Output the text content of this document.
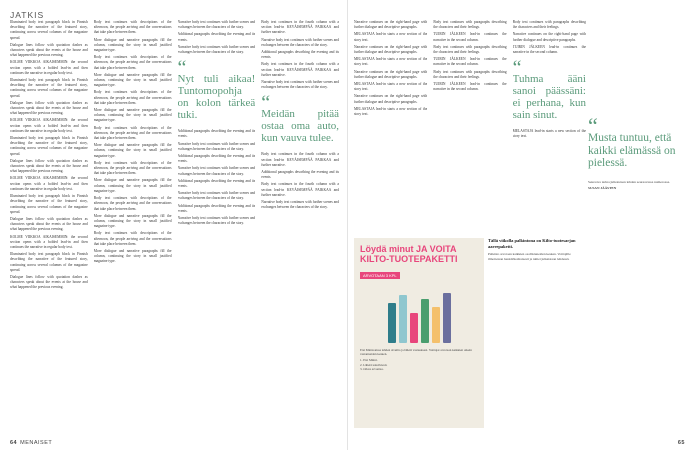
JATKIS

Illuminated body text paragraph block in Finnish describing the narrative of the featured story, continuing across several columns of the magazine spread.

Dialogue lines follow with quotation dashes as characters speak about the events at the house and what happened the previous evening.

KOLME VIIKKOA AIKAISEMMIN: the second section opens with a bolded lead-in and then continues the narrative in regular body text.

Illuminated body text paragraph block in Finnish describing the narrative of the featured story, continuing across several columns of the magazine spread.

Dialogue lines follow with quotation dashes as characters speak about the events at the house and what happened the previous evening.

KOLME VIIKKOA AIKAISEMMIN: the second section opens with a bolded lead-in and then continues the narrative in regular body text.

Illuminated body text paragraph block in Finnish describing the narrative of the featured story, continuing across several columns of the magazine spread.

Dialogue lines follow with quotation dashes as characters speak about the events at the house and what happened the previous evening.

KOLME VIIKKOA AIKAISEMMIN: the second section opens with a bolded lead-in and then continues the narrative in regular body text.

Illuminated body text paragraph block in Finnish describing the narrative of the featured story, continuing across several columns of the magazine spread.

Dialogue lines follow with quotation dashes as characters speak about the events at the house and what happened the previous evening.

KOLME VIIKKOA AIKAISEMMIN: the second section opens with a bolded lead-in and then continues the narrative in regular body text.

Illuminated body text paragraph block in Finnish describing the narrative of the featured story, continuing across several columns of the magazine spread.

Dialogue lines follow with quotation dashes as characters speak about the events at the house and what happened the previous evening.

Body text continues with descriptions of the afternoon, the people arriving and the conversations that take place between them.

More dialogue and narrative paragraphs fill the column, continuing the story in small justified magazine type.

Body text continues with descriptions of the afternoon, the people arriving and the conversations that take place between them.

More dialogue and narrative paragraphs fill the column, continuing the story in small justified magazine type.

Body text continues with descriptions of the afternoon, the people arriving and the conversations that take place between them.

More dialogue and narrative paragraphs fill the column, continuing the story in small justified magazine type.

Body text continues with descriptions of the afternoon, the people arriving and the conversations that take place between them.

More dialogue and narrative paragraphs fill the column, continuing the story in small justified magazine type.

Body text continues with descriptions of the afternoon, the people arriving and the conversations that take place between them.

More dialogue and narrative paragraphs fill the column, continuing the story in small justified magazine type.

Body text continues with descriptions of the afternoon, the people arriving and the conversations that take place between them.

More dialogue and narrative paragraphs fill the column, continuing the story in small justified magazine type.

Body text continues with descriptions of the afternoon, the people arriving and the conversations that take place between them.

More dialogue and narrative paragraphs fill the column, continuing the story in small justified magazine type.

Narrative body text continues with further scenes and exchanges between the characters of the story.

Additional paragraphs describing the evening and its events.

Narrative body text continues with further scenes and exchanges between the characters of the story.

“
Nyt tuli aikaa! Tuntomopohja on kolon tärkeä tuki.

Additional paragraphs describing the evening and its events.

Narrative body text continues with further scenes and exchanges between the characters of the story.

Additional paragraphs describing the evening and its events.

Narrative body text continues with further scenes and exchanges between the characters of the story.

Additional paragraphs describing the evening and its events.

Narrative body text continues with further scenes and exchanges between the characters of the story.

Additional paragraphs describing the evening and its events.

Narrative body text continues with further scenes and exchanges between the characters of the story.

Body text continues in the fourth column with a section lead-in KEVÄISEMPÄÄ PAIKKAA and further narrative.

Narrative body text continues with further scenes and exchanges between the characters of the story.

Additional paragraphs describing the evening and its events.

Body text continues in the fourth column with a section lead-in KEVÄISEMPÄÄ PAIKKAA and further narrative.

Narrative body text continues with further scenes and exchanges between the characters of the story.

“
Meidän pitää ostaa oma auto, kun vauva tulee.

Body text continues in the fourth column with a section lead-in KEVÄISEMPÄÄ PAIKKAA and further narrative.

Additional paragraphs describing the evening and its events.

Body text continues in the fourth column with a section lead-in KEVÄISEMPÄÄ PAIKKAA and further narrative.

Narrative body text continues with further scenes and exchanges between the characters of the story.

64 MENAISET

Narrative continues on the right-hand page with further dialogue and descriptive paragraphs.

MELASTAJA lead-in starts a new section of the story text.

Narrative continues on the right-hand page with further dialogue and descriptive paragraphs.

MELASTAJA lead-in starts a new section of the story text.

Narrative continues on the right-hand page with further dialogue and descriptive paragraphs.

MELASTAJA lead-in starts a new section of the story text.

Narrative continues on the right-hand page with further dialogue and descriptive paragraphs.

MELASTAJA lead-in starts a new section of the story text.

Body text continues with paragraphs describing the characters and their feelings.

TUIRIN JÄLKEEN lead-in continues the narrative in the second column.

Body text continues with paragraphs describing the characters and their feelings.

TUIRIN JÄLKEEN lead-in continues the narrative in the second column.

Body text continues with paragraphs describing the characters and their feelings.

TUIRIN JÄLKEEN lead-in continues the narrative in the second column.

Body text continues with paragraphs describing the characters and their feelings.

Narrative continues on the right-hand page with further dialogue and descriptive paragraphs.

TUIRIN JÄLKEEN lead-in continues the narrative in the second column.

“
Tuhma ääni sanoi päässäni: ei perhana, kun sain sinut.

MELASTAJA lead-in starts a new section of the story text.

Löydä minut JA VOITA KILTO-TUOTEPAKETTI
ARVOTAAN 3 KPL

Etsi Minni-kissa lehden sivuilta ja lähetä vastauksesi. Voittajat arvotaan kaikkien oikein vastanneiden kesken.

1. Etsi Minni.
2. Lähetä tekstiviesti.
3. Odota arvontaa.
Tällä viikolla palkintona on Kilto-tuotesarjan aarrepaketti.

Palkinto arvotaan kaikkien osallistuneiden kesken. Voittajille ilmoitetaan henkilökohtaisesti ja nimet julkaistaan lehdessä.

“
Musta tuntuu, että kaikki elämässä on pielessä.

Seuraava tarina julkaistaan lehden seuraavassa numerossa.

SUSAN JÄÄSTEN
65
